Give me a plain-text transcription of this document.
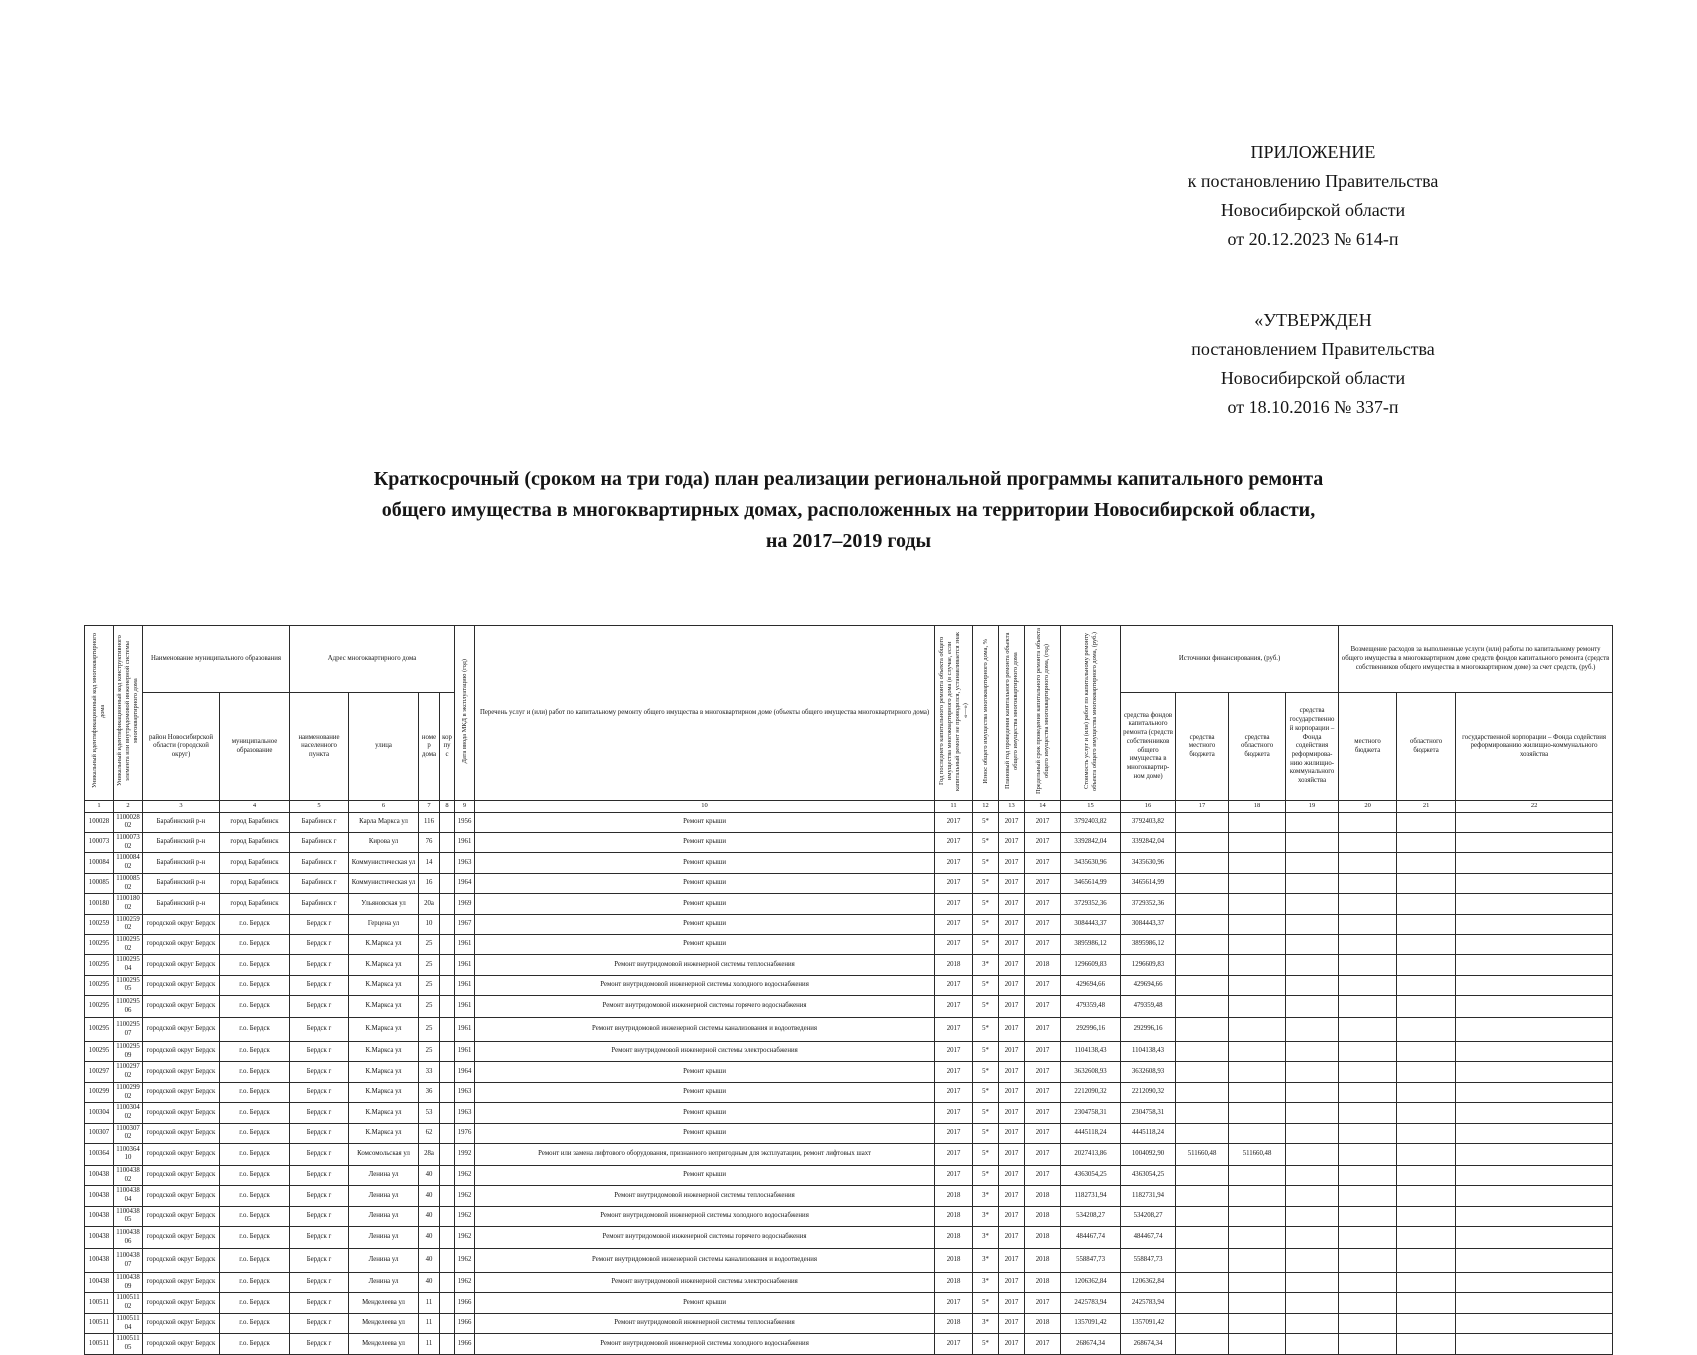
ПРИЛОЖЕНИЕ
к постановлению Правительства
Новосибирской области
от 20.12.2023 № 614-п
«УТВЕРЖДЕН
постановлением Правительства
Новосибирской области
от 18.10.2016 № 337-п
Краткосрочный (сроком на три года) план реализации региональной программы капитального ремонта
общего имущества в многоквартирных домах, расположенных на территории Новосибирской области,
на 2017–2019 годы
Уникальный идентификационный код многоквартирного дома	Уникальный идентификационный код конструктивного элемента или внутридомовой инженерной системы многоквартирного дома	Наименование муниципального образования		Адрес многоквартирного дома				Дата ввода МКД в эксплуатацию (год)	Перечень услуг и (или) работ по капитальному ремонту общего имущества в многоквартирном доме (объекты общего имущества многоквартирного дома)	Год последнего капитального ремонта объекта общего имущества многоквартирного дома (в случае, если капитальный ремонт не проводился, устанавливается знак «—»)	Износ общего имущества многоквартирного дома, %	Плановый год проведения капитального ремонта объекта общего имущества многоквартирного дома	Предельный срок проведения капитального ремонта объекта общего имущества многоквартирного дома, (год)	Стоимость услуг и (или) работ по капитальному ремонту объекта общего имущества многоквартирного дома, (руб.)	Источники финансирования, (руб.)				Возмещение расходов за выполненные услуги (или) работы по капитальному ремонту общего имущества в многоквартирном доме средств фондов капитального ремонта (средств собственников общего имущества в многоквартирном доме) за счет средств, (руб.)		
		район Новосибирской области (городской округ)	муниципальное образование	наименование населенного пункта	улица	номер дома	корпус								средства фондов капитального ремонта (средств собственников общего имущества в многоквартир-ном доме)	средства местного бюджета	средства областного бюджета	средства государственной корпорации – Фонда содействия реформирова-нию жилищно-коммунального хозяйства	местного бюджета	областного бюджета	государственной корпорации – Фонда содействия реформированию жилищно-коммунального хозяйства
1	2	3	4	5	6	7	8	9	10	11	12	13	14	15	16	17	18	19	20	21	22
100028	110002802	Барабинский р-н	город Барабинск	Барабинск г	Карла Маркса ул	116		1956	Ремонт крыши	2017	5*	2017	2017	3792403,82	3792403,82						
100073	110007302	Барабинский р-н	город Барабинск	Барабинск г	Кирова ул	76		1961	Ремонт крыши	2017	5*	2017	2017	3392842,04	3392842,04						
100084	110008402	Барабинский р-н	город Барабинск	Барабинск г	Коммунистическая ул	14		1963	Ремонт крыши	2017	5*	2017	2017	3435630,96	3435630,96						
100085	110008502	Барабинский р-н	город Барабинск	Барабинск г	Коммунистическая ул	16		1964	Ремонт крыши	2017	5*	2017	2017	3465614,99	3465614,99						
100180	110018002	Барабинский р-н	город Барабинск	Барабинск г	Ульяновская ул	20а		1969	Ремонт крыши	2017	5*	2017	2017	3729352,36	3729352,36						
100259	110025902	городской округ Бердск	г.о. Бердск	Бердск г	Герцена ул	10		1967	Ремонт крыши	2017	5*	2017	2017	3084443,37	3084443,37						
100295	110029502	городской округ Бердск	г.о. Бердск	Бердск г	К.Маркса ул	25		1961	Ремонт крыши	2017	5*	2017	2017	3895986,12	3895986,12						
100295	110029504	городской округ Бердск	г.о. Бердск	Бердск г	К.Маркса ул	25		1961	Ремонт внутридомовой инженерной системы теплоснабжения	2018	3*	2017	2018	1296609,83	1296609,83						
100295	110029505	городской округ Бердск	г.о. Бердск	Бердск г	К.Маркса ул	25		1961	Ремонт внутридомовой инженерной системы холодного водоснабжения	2017	5*	2017	2017	429694,66	429694,66						
100295	110029506	городской округ Бердск	г.о. Бердск	Бердск г	К.Маркса ул	25		1961	Ремонт внутридомовой инженерной системы горячего водоснабжения	2017	5*	2017	2017	479359,48	479359,48						
100295	110029507	городской округ Бердск	г.о. Бердск	Бердск г	К.Маркса ул	25		1961	Ремонт внутридомовой инженерной системы канализования и водоотведения	2017	5*	2017	2017	292996,16	292996,16						
100295	110029509	городской округ Бердск	г.о. Бердск	Бердск г	К.Маркса ул	25		1961	Ремонт внутридомовой инженерной системы электроснабжения	2017	5*	2017	2017	1104138,43	1104138,43						
100297	110029702	городской округ Бердск	г.о. Бердск	Бердск г	К.Маркса ул	33		1964	Ремонт крыши	2017	5*	2017	2017	3632608,93	3632608,93						
100299	110029902	городской округ Бердск	г.о. Бердск	Бердск г	К.Маркса ул	36		1963	Ремонт крыши	2017	5*	2017	2017	2212090,32	2212090,32						
100304	110030402	городской округ Бердск	г.о. Бердск	Бердск г	К.Маркса ул	53		1963	Ремонт крыши	2017	5*	2017	2017	2304758,31	2304758,31						
100307	110030702	городской округ Бердск	г.о. Бердск	Бердск г	К.Маркса ул	62		1976	Ремонт крыши	2017	5*	2017	2017	4445118,24	4445118,24						
100364	110036410	городской округ Бердск	г.о. Бердск	Бердск г	Комсомольская ул	28а		1992	Ремонт или замена лифтового оборудования, признанного непригодным для эксплуатации, ремонт лифтовых шахт	2017	5*	2017	2017	2027413,86	1004092,90	511660,48	511660,48				
100438	110043802	городской округ Бердск	г.о. Бердск	Бердск г	Ленина ул	40		1962	Ремонт крыши	2017	5*	2017	2017	4363054,25	4363054,25						
100438	110043804	городской округ Бердск	г.о. Бердск	Бердск г	Ленина ул	40		1962	Ремонт внутридомовой инженерной системы теплоснабжения	2018	3*	2017	2018	1182731,94	1182731,94						
100438	110043805	городской округ Бердск	г.о. Бердск	Бердск г	Ленина ул	40		1962	Ремонт внутридомовой инженерной системы холодного водоснабжения	2018	3*	2017	2018	534208,27	534208,27						
100438	110043806	городской округ Бердск	г.о. Бердск	Бердск г	Ленина ул	40		1962	Ремонт внутридомовой инженерной системы горячего водоснабжения	2018	3*	2017	2018	484467,74	484467,74						
100438	110043807	городской округ Бердск	г.о. Бердск	Бердск г	Ленина ул	40		1962	Ремонт внутридомовой инженерной системы канализования и водоотведения	2018	3*	2017	2018	558847,73	558847,73						
100438	110043809	городской округ Бердск	г.о. Бердск	Бердск г	Ленина ул	40		1962	Ремонт внутридомовой инженерной системы электроснабжения	2018	3*	2017	2018	1206362,84	1206362,84						
100511	110051102	городской округ Бердск	г.о. Бердск	Бердск г	Менделеева ул	11		1966	Ремонт крыши	2017	5*	2017	2017	2425783,94	2425783,94						
100511	110051104	городской округ Бердск	г.о. Бердск	Бердск г	Менделеева ул	11		1966	Ремонт внутридомовой инженерной системы теплоснабжения	2018	3*	2017	2018	1357091,42	1357091,42						
100511	110051105	городской округ Бердск	г.о. Бердск	Бердск г	Менделеева ул	11		1966	Ремонт внутридомовой инженерной системы холодного водоснабжения	2017	5*	2017	2017	268674,34	268674,34						
